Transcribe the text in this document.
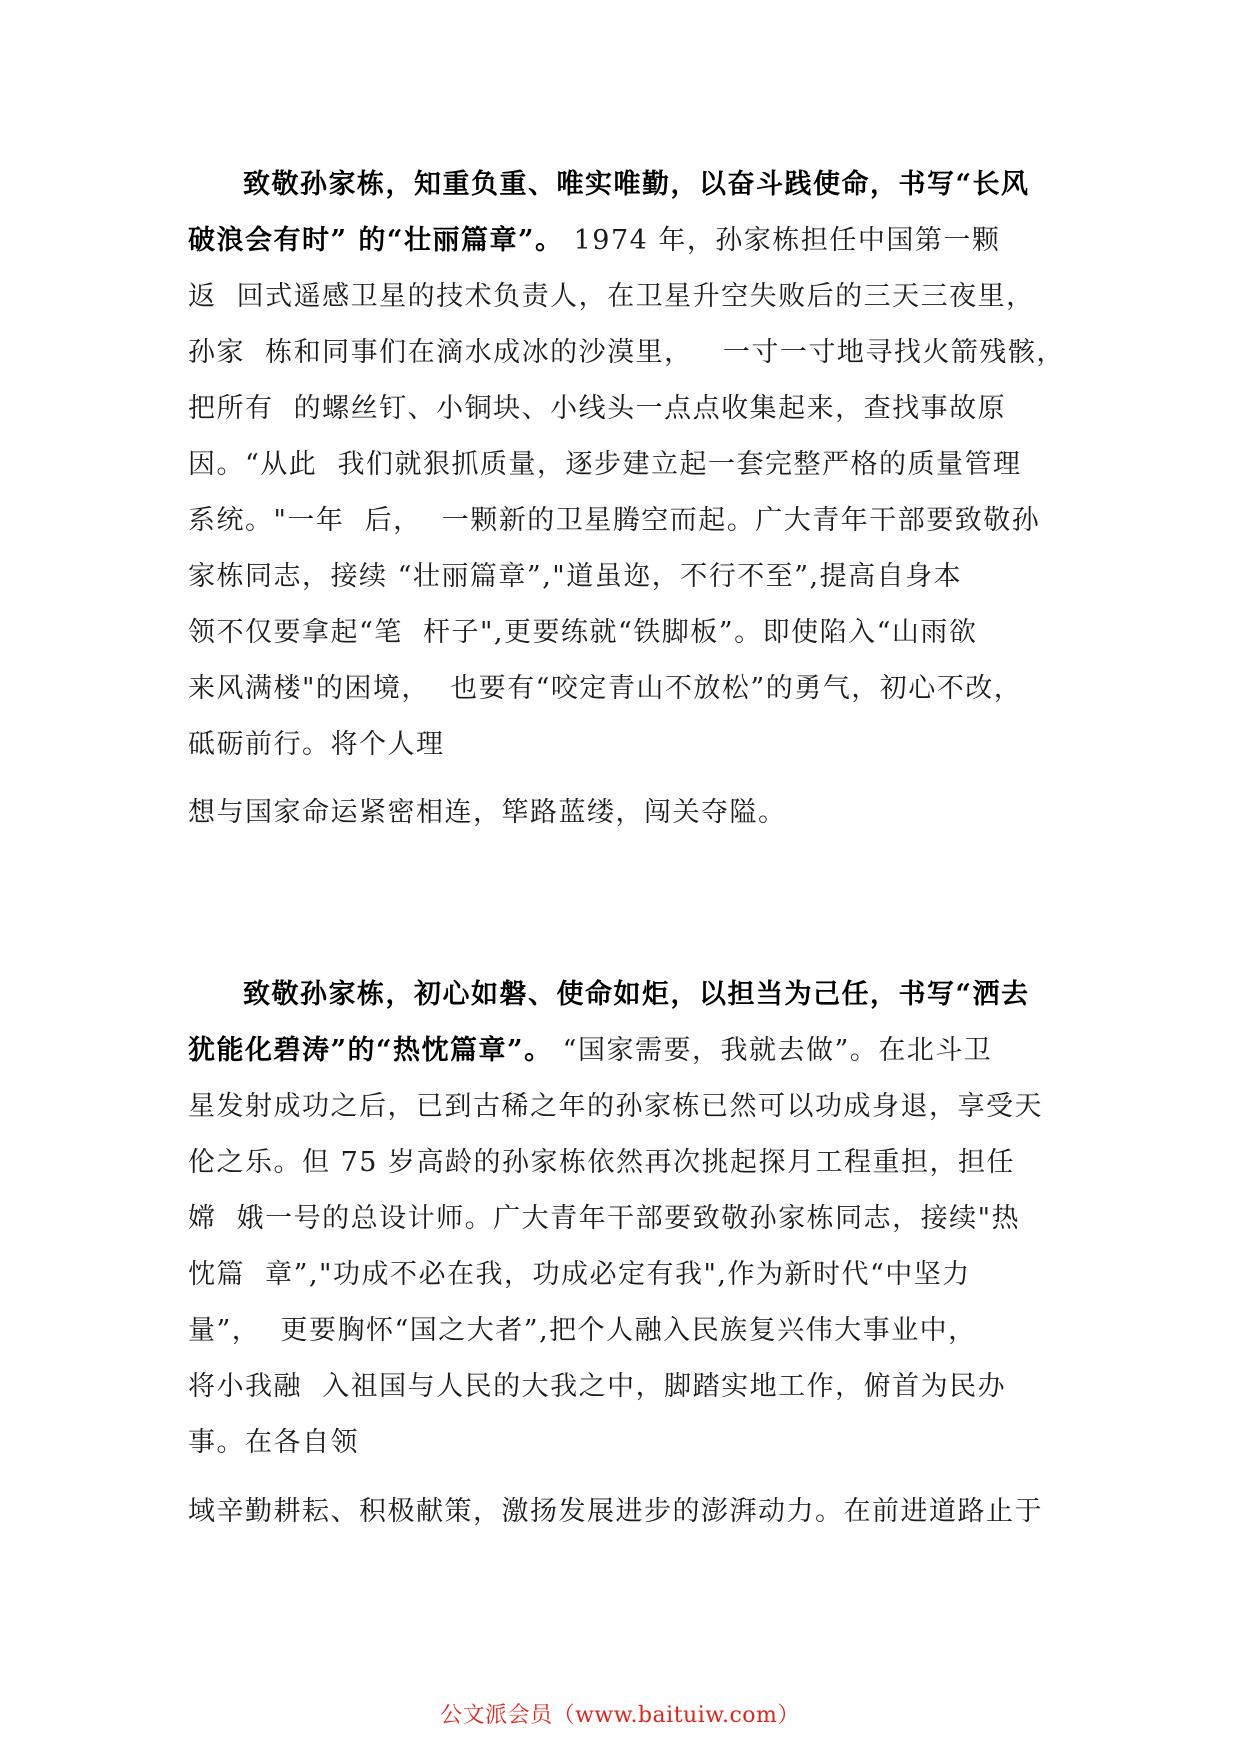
致敬孙家栋，知重负重、唯实唯勤，以奋斗践使命，书写“长风
破浪会有时” 的“壮丽篇章”。 1974 年，孙家栋担任中国第一颗
返  回式遥感卫星的技术负责人，在卫星升空失败后的三天三夜里，
孙家  栋和同事们在滴水成冰的沙漠里，   一寸一寸地寻找火箭残骸，
把所有  的螺丝钉、小铜块、小线头一点点收集起来，查找事故原
因。“从此  我们就狠抓质量，逐步建立起一套完整严格的质量管理
系统。"一年  后，  一颗新的卫星腾空而起。广大青年干部要致敬孙
家栋同志，接续 “壮丽篇章”,"道虽迩，不行不至”,提高自身本
领不仅要拿起“笔  杆子",更要练就“铁脚板”。即使陷入“山雨欲
来风满楼"的困境，  也要有“咬定青山不放松”的勇气，初心不改，
砥砺前行。将个人理
想与国家命运紧密相连，筚路蓝缕，闯关夺隘。
致敬孙家栋，初心如磐、使命如炬，以担当为己任，书写“洒去
犹能化碧涛”的“热忱篇章”。 “国家需要，我就去做”。在北斗卫
星发射成功之后，已到古稀之年的孙家栋已然可以功成身退，享受天
伦之乐。但 75 岁高龄的孙家栋依然再次挑起探月工程重担，担任
嫦  娥一号的总设计师。广大青年干部要致敬孙家栋同志，接续"热
忱篇  章”,"功成不必在我，功成必定有我",作为新时代“中坚力
量”，  更要胸怀“国之大者”,把个人融入民族复兴伟大事业中，
将小我融  入祖国与人民的大我之中，脚踏实地工作，俯首为民办
事。在各自领
域辛勤耕耘、积极献策，激扬发展进步的澎湃动力。在前进道路止于
公文派会员（www.baituiw.com）
